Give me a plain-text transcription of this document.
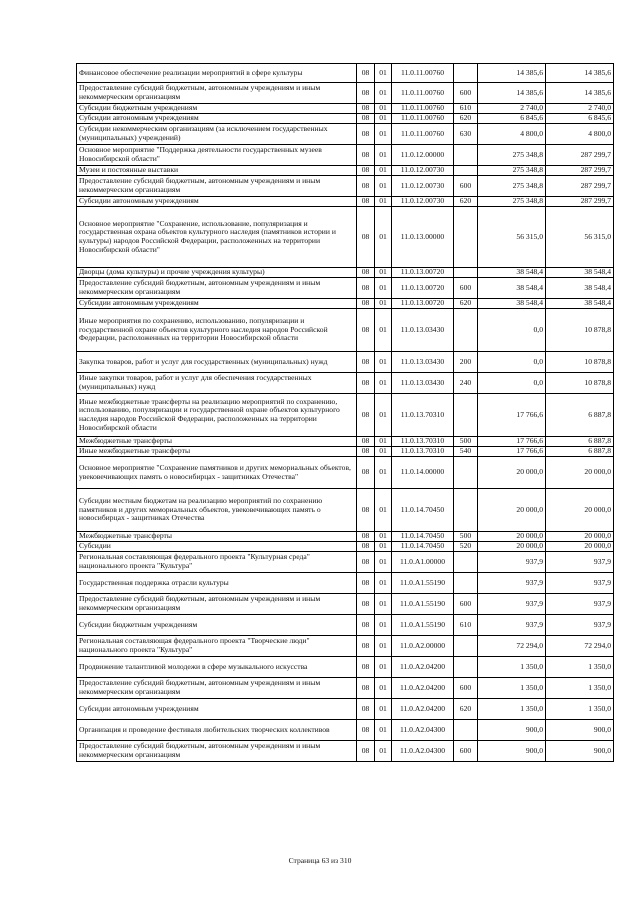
Финансовое обеспечение реализации мероприятий в сфере культуры	08	01	11.0.11.00760		14 385,6	14 385,6
Предоставление субсидий бюджетным, автономным учреждениям и иным некоммерческим организациям	08	01	11.0.11.00760	600	14 385,6	14 385,6
Субсидии бюджетным учреждениям	08	01	11.0.11.00760	610	2 740,0	2 740,0
Субсидии автономным учреждениям	08	01	11.0.11.00760	620	6 845,6	6 845,6
Субсидии некоммерческим организациям (за исключением государственных (муниципальных) учреждений)	08	01	11.0.11.00760	630	4 800,0	4 800,0
Основное мероприятие "Поддержка деятельности государственных музеев Новосибирской области"	08	01	11.0.12.00000		275 348,8	287 299,7
Музеи и постоянные выставки	08	01	11.0.12.00730		275 348,8	287 299,7
Предоставление субсидий бюджетным, автономным учреждениям и иным некоммерческим организациям	08	01	11.0.12.00730	600	275 348,8	287 299,7
Субсидии автономным учреждениям	08	01	11.0.12.00730	620	275 348,8	287 299,7
Основное мероприятие "Сохранение, использование, популяризация и государственная охрана объектов культурного наследия (памятников истории и культуры) народов Российской Федерации, расположенных на территории Новосибирской области"	08	01	11.0.13.00000		56 315,0	56 315,0
Дворцы (дома культуры) и прочие учреждения культуры)	08	01	11.0.13.00720		38 548,4	38 548,4
Предоставление субсидий бюджетным, автономным учреждениям и иным некоммерческим организациям	08	01	11.0.13.00720	600	38 548,4	38 548,4
Субсидии автономным учреждениям	08	01	11.0.13.00720	620	38 548,4	38 548,4
Иные мероприятия по сохранению, использованию, популяризации и государственной охране объектов культурного наследия народов Российской Федерации, расположенных на территории Новосибирской области	08	01	11.0.13.03430		0,0	10 878,8
Закупка товаров, работ и услуг для государственных (муниципальных) нужд	08	01	11.0.13.03430	200	0,0	10 878,8
Иные закупки товаров, работ и услуг для обеспечения государственных (муниципальных) нужд	08	01	11.0.13.03430	240	0,0	10 878,8
Иные межбюджетные трансферты на реализацию мероприятий по сохранению, использованию, популяризации и государственной охране объектов культурного наследия народов Российской Федерации, расположенных на территории Новосибирской области	08	01	11.0.13.70310		17 766,6	6 887,8
Межбюджетные трансферты	08	01	11.0.13.70310	500	17 766,6	6 887,8
Иные межбюджетные трансферты	08	01	11.0.13.70310	540	17 766,6	6 887,8
Основное мероприятие "Сохранение памятников и других мемориальных объектов, увековечивающих память о новосибирцах - защитниках Отечества"	08	01	11.0.14.00000		20 000,0	20 000,0
Субсидии местным бюджетам на реализацию мероприятий по сохранению памятников и других мемориальных объектов, увековечивающих память о новосибирцах - защитниках Отечества	08	01	11.0.14.70450		20 000,0	20 000,0
Межбюджетные трансферты	08	01	11.0.14.70450	500	20 000,0	20 000,0
Субсидии	08	01	11.0.14.70450	520	20 000,0	20 000,0
Региональная составляющая федерального проекта "Культурная среда" национального проекта "Культура"	08	01	11.0.A1.00000		937,9	937,9
Государственная поддержка отрасли культуры	08	01	11.0.A1.55190		937,9	937,9
Предоставление субсидий бюджетным, автономным учреждениям и иным некоммерческим организациям	08	01	11.0.A1.55190	600	937,9	937,9
Субсидии бюджетным учреждениям	08	01	11.0.A1.55190	610	937,9	937,9
Региональная составляющая федерального проекта "Творческие люди" национального проекта "Культура"	08	01	11.0.A2.00000		72 294,0	72 294,0
Продвижение талантливой молодежи в сфере музыкального искусства	08	01	11.0.A2.04200		1 350,0	1 350,0
Предоставление субсидий бюджетным, автономным учреждениям и иным некоммерческим организациям	08	01	11.0.A2.04200	600	1 350,0	1 350,0
Субсидии автономным учреждениям	08	01	11.0.A2.04200	620	1 350,0	1 350,0
Организация и проведение фестиваля любительских творческих коллективов	08	01	11.0.A2.04300		900,0	900,0
Предоставление субсидий бюджетным, автономным учреждениям и иным некоммерческим организациям	08	01	11.0.A2.04300	600	900,0	900,0
Страница 63 из 310
